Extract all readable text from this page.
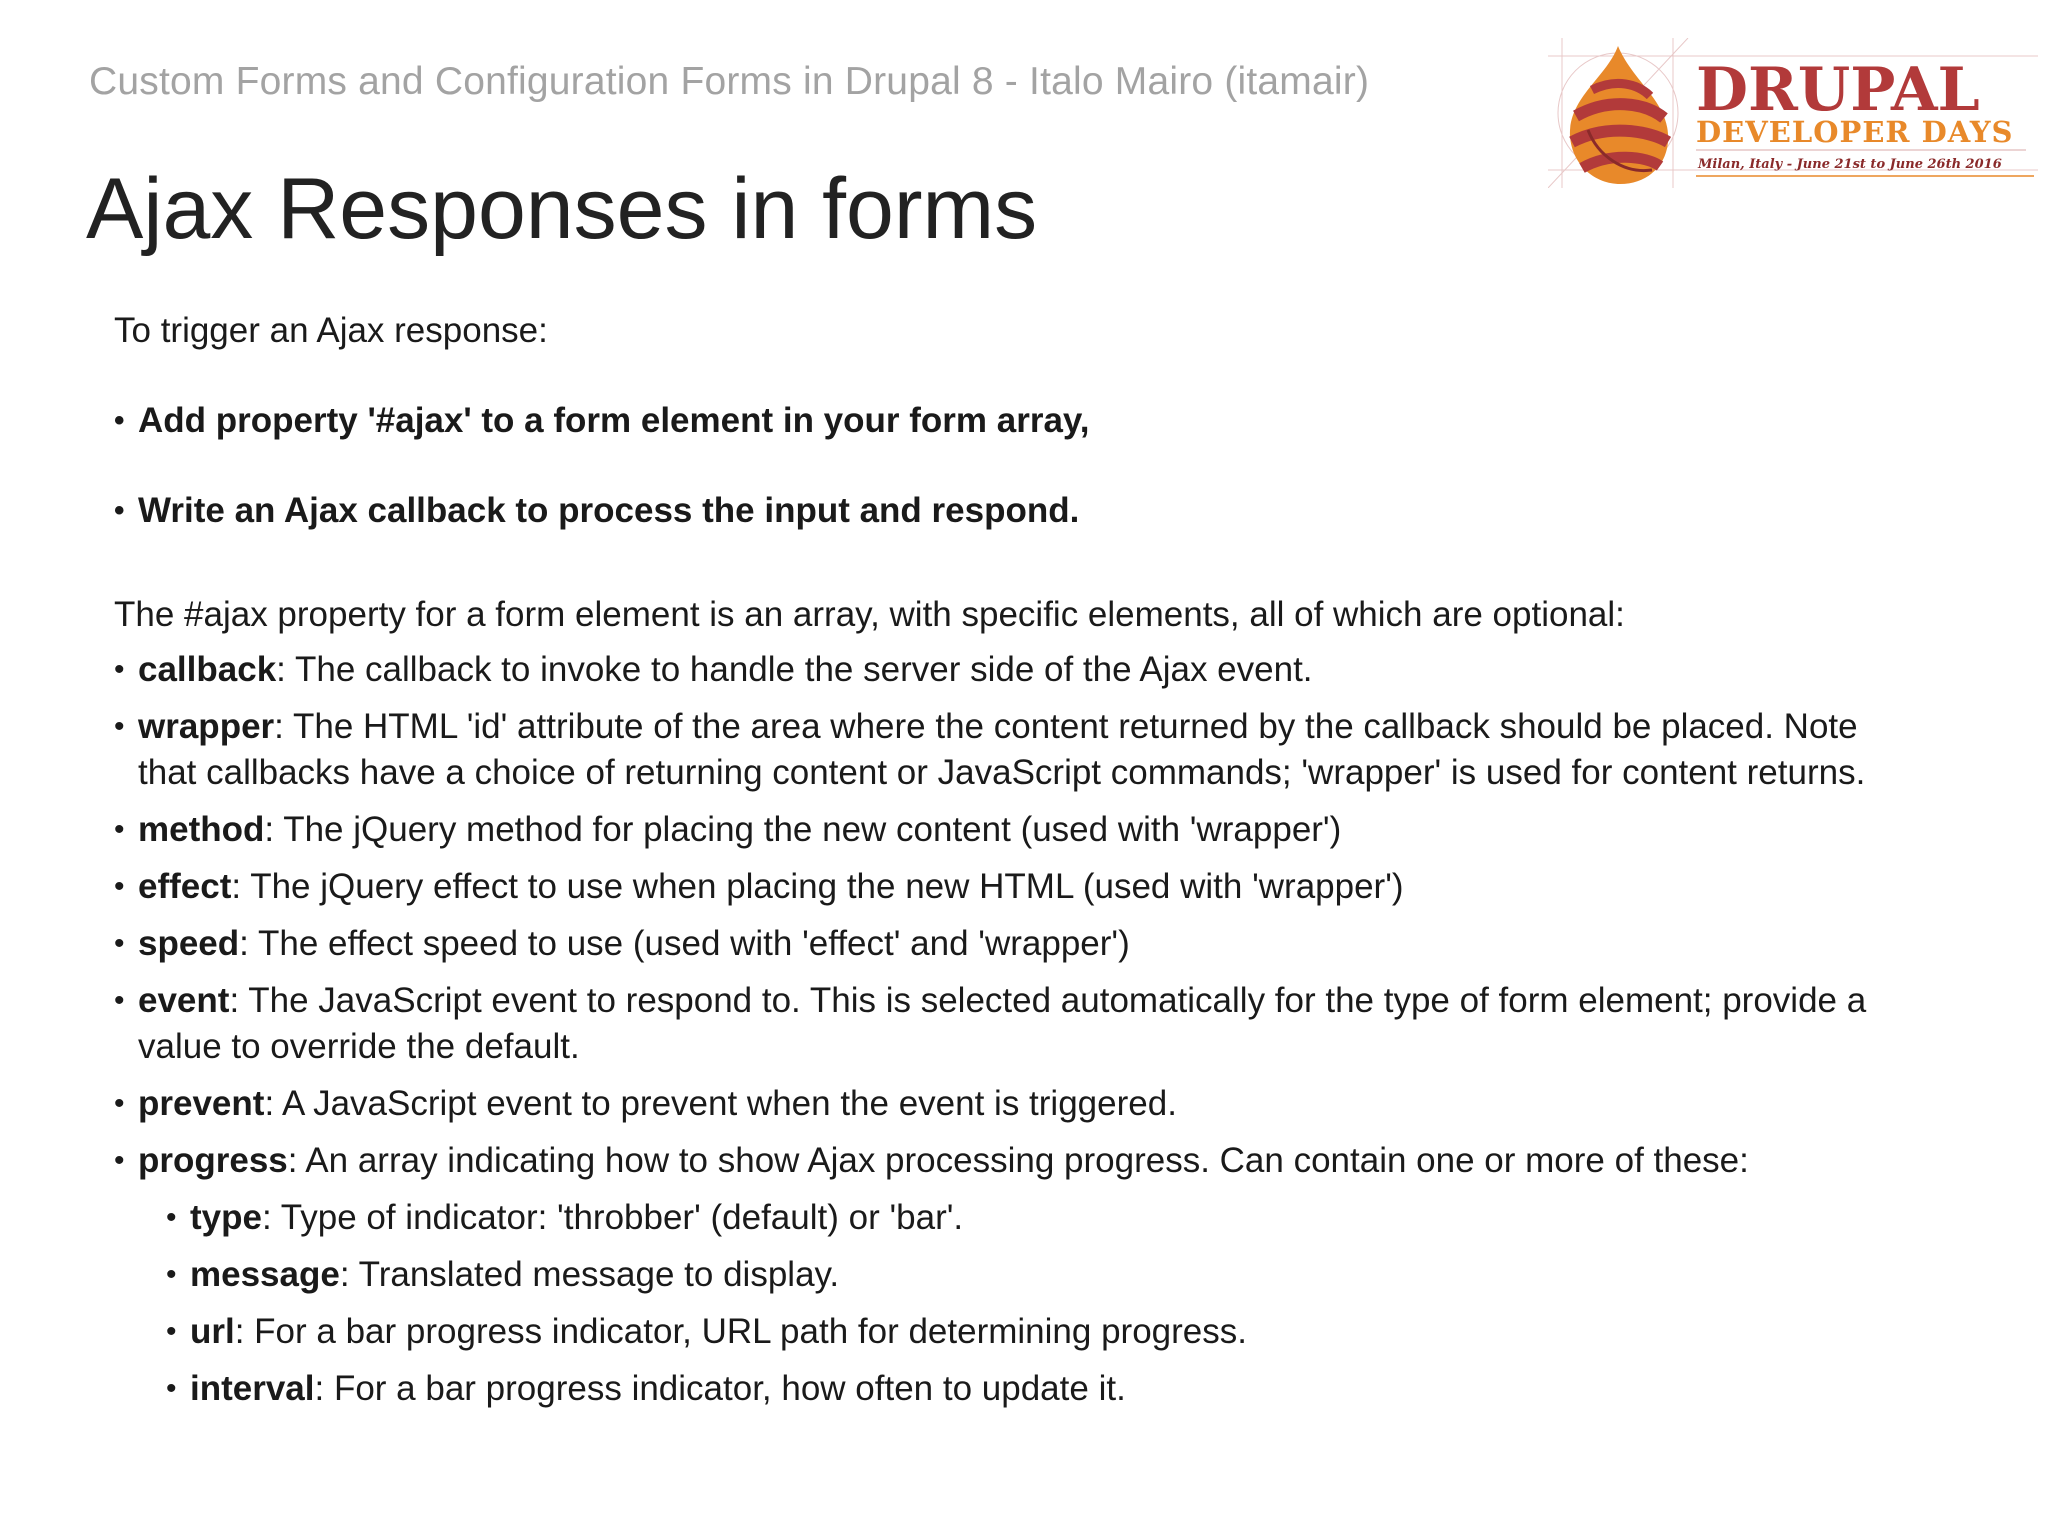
Custom Forms and Configuration Forms in Drupal 8 - Italo Mairo (itamair)
Ajax Responses in forms
DRUPAL
DEVELOPER DAYS
Milan, Italy - June 21st to June 26th 2016

To trigger an Ajax response:

• Add property '#ajax' to a form element in your form array,
• Write an Ajax callback to process the input and respond.

The #ajax property for a form element is an array, with specific elements, all of which are optional:

• callback: The callback to invoke to handle the server side of the Ajax event.
• wrapper: The HTML 'id' attribute of the area where the content returned by the callback should be placed. Note
that callbacks have a choice of returning content or JavaScript commands; 'wrapper' is used for content returns.
• method: The jQuery method for placing the new content (used with 'wrapper')
• effect: The jQuery effect to use when placing the new HTML (used with 'wrapper')
• speed: The effect speed to use (used with 'effect' and 'wrapper')
• event: The JavaScript event to respond to. This is selected automatically for the type of form element; provide a
value to override the default.
• prevent: A JavaScript event to prevent when the event is triggered.
• progress: An array indicating how to show Ajax processing progress. Can contain one or more of these:
• type: Type of indicator: 'throbber' (default) or 'bar'.
• message: Translated message to display.
• url: For a bar progress indicator, URL path for determining progress.
• interval: For a bar progress indicator, how often to update it.
